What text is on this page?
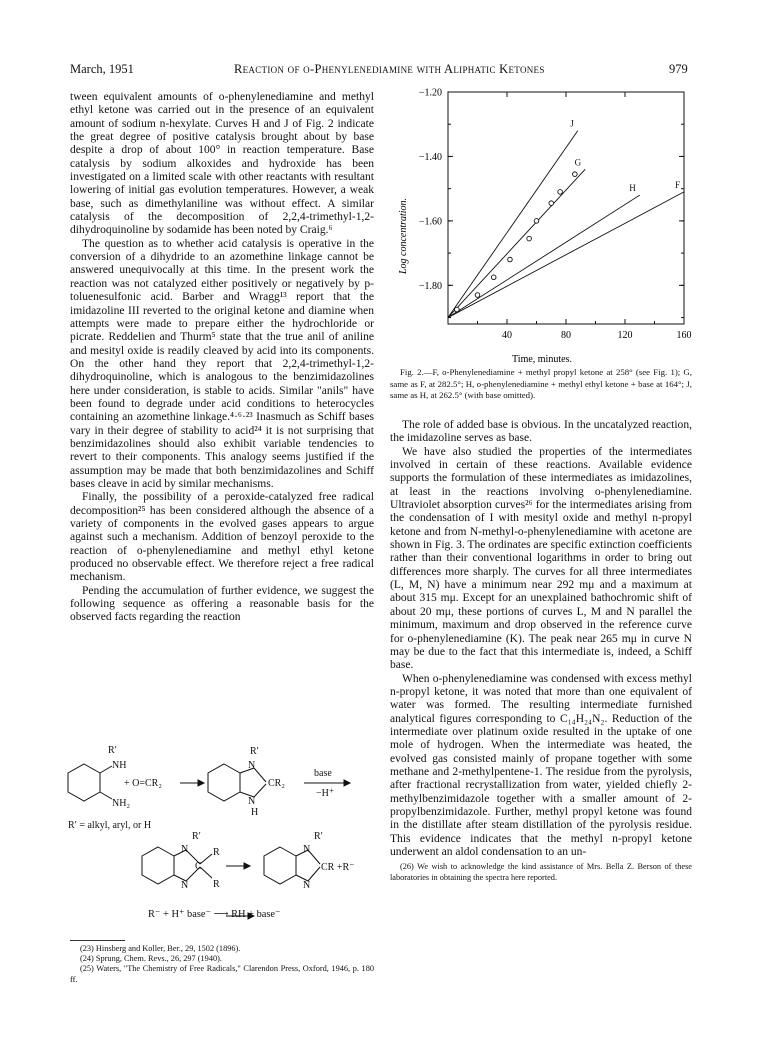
March, 1951	Reaction of o-Phenylenediamine with Aliphatic Ketones	979

tween equivalent amounts of o-phenylenediamine and methyl ethyl ketone was carried out in the presence of an equivalent amount of sodium n-hexylate. Curves H and J of Fig. 2 indicate the great degree of positive catalysis brought about by base despite a drop of about 100° in reaction temperature. Base catalysis by sodium alkoxides and hydroxide has been investigated on a limited scale with other reactants with resultant lowering of initial gas evolution temperatures. However, a weak base, such as dimethylaniline was without effect. A similar catalysis of the decomposition of 2,2,4-trimethyl-1,2-dihydroquinoline by sodamide has been noted by Craig.⁶

The question as to whether acid catalysis is operative in the conversion of a dihydride to an azomethine linkage cannot be answered unequivocally at this time. In the present work the reaction was not catalyzed either positively or negatively by p-toluenesulfonic acid. Barber and Wragg¹³ report that the imidazoline III reverted to the original ketone and diamine when attempts were made to prepare either the hydrochloride or picrate. Reddelien and Thurm⁵ state that the true anil of aniline and mesityl oxide is readily cleaved by acid into its components. On the other hand they report that 2,2,4-trimethyl-1,2-dihydroquinoline, which is analogous to the benzimidazolines here under consideration, is stable to acids. Similar "anils" have been found to degrade under acid conditions to heterocycles containing an azomethine linkage.⁴·⁶·²³ Inasmuch as Schiff bases vary in their degree of stability to acid²⁴ it is not surprising that benzimidazolines should also exhibit variable tendencies to revert to their components. This analogy seems justified if the assumption may be made that both benzimidazolines and Schiff bases cleave in acid by similar mechanisms.

Finally, the possibility of a peroxide-catalyzed free radical decomposition²⁵ has been considered although the absence of a variety of components in the evolved gases appears to argue against such a mechanism. Addition of benzoyl peroxide to the reaction of o-phenylenediamine and methyl ethyl ketone produced no observable effect. We therefore reject a free radical mechanism.

Pending the accumulation of further evidence, we suggest the following sequence as offering a reasonable basis for the observed facts regarding the reaction

R′
NH
NH₂
+ O=CR₂
R′
N
N
H
CR₂
base
−H⁺
R′ = alkyl, aryl, or H
R′
N
N
C
R
R
R′
N
N
CR +R⁻
R⁻ + H⁺ base⁻ ⟶ RH + base⁻

(23) Hinsberg and Koller, Ber., 29, 1502 (1896).

(24) Sprung, Chem. Revs., 26, 297 (1940).

(25) Waters, "The Chemistry of Free Radicals," Clarendon Press, Oxford, 1946, p. 180 ff.

−1.80
−1.60
−1.40
−1.20
40	80	120	160
F
H
G
J
Log concentration.
Time, minutes.

Fig. 2.—F, o-Phenylenediamine + methyl propyl ketone at 258° (see Fig. 1); G, same as F, at 282.5°; H, o-phenylenediamine + methyl ethyl ketone + base at 164°; J, same as H, at 262.5° (with base omitted).

The role of added base is obvious. In the uncatalyzed reaction, the imidazoline serves as base.

We have also studied the properties of the intermediates involved in certain of these reactions. Available evidence supports the formulation of these intermediates as imidazolines, at least in the reactions involving o-phenylenediamine. Ultraviolet absorption curves²⁶ for the intermediates arising from the condensation of I with mesityl oxide and methyl n-propyl ketone and from N-methyl-o-phenylenediamine with acetone are shown in Fig. 3. The ordinates are specific extinction coefficients rather than their conventional logarithms in order to bring out differences more sharply. The curves for all three intermediates (L, M, N) have a minimum near 292 mμ and a maximum at about 315 mμ. Except for an unexplained bathochromic shift of about 20 mμ, these portions of curves L, M and N parallel the minimum, maximum and drop observed in the reference curve for o-phenylenediamine (K). The peak near 265 mμ in curve N may be due to the fact that this intermediate is, indeed, a Schiff base.

When o-phenylenediamine was condensed with excess methyl n-propyl ketone, it was noted that more than one equivalent of water was formed. The resulting intermediate furnished analytical figures corresponding to C₁₄H₂₄N₂. Reduction of the intermediate over platinum oxide resulted in the uptake of one mole of hydrogen. When the intermediate was heated, the evolved gas consisted mainly of propane together with some methane and 2-methylpentene-1. The residue from the pyrolysis, after fractional recrystallization from water, yielded chiefly 2-methylbenzimidazole together with a smaller amount of 2-propylbenzimidazole. Further, methyl propyl ketone was found in the distillate after steam distillation of the pyrolysis residue. This evidence indicates that the methyl n-propyl ketone underwent an aldol condensation to an un-

(26) We wish to acknowledge the kind assistance of Mrs. Bella Z. Berson of these laboratories in obtaining the spectra here reported.
